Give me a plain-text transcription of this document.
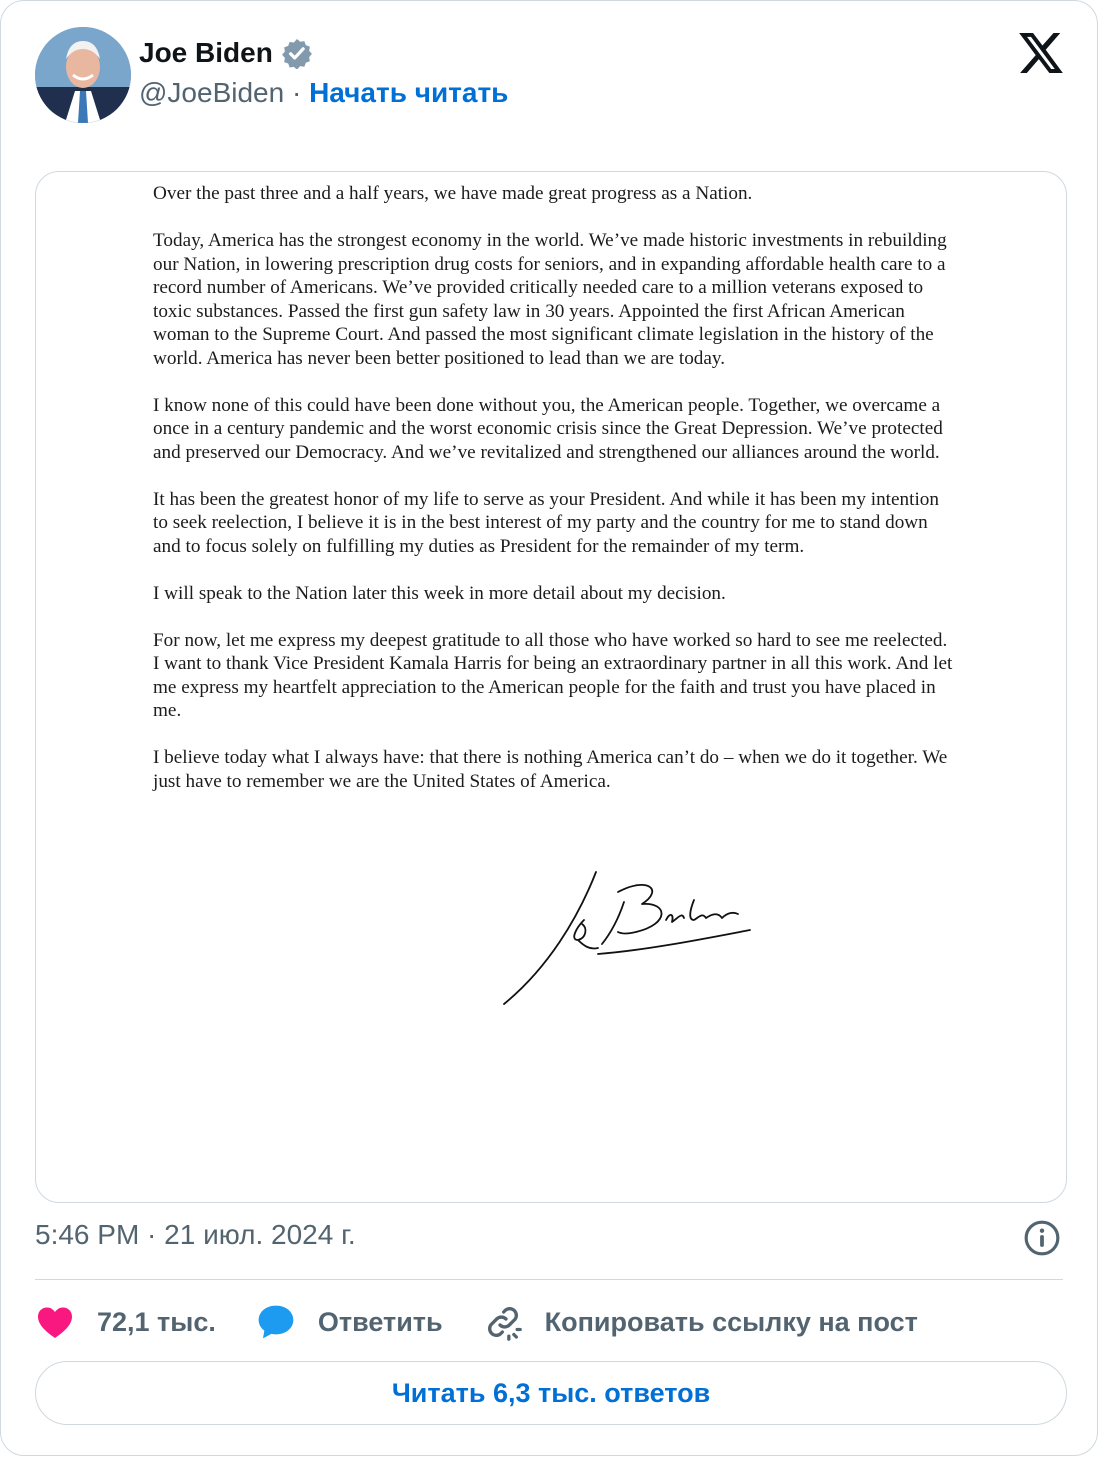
Joe Biden
@JoeBiden · Начать читать

Over the past three and a half years, we have made great progress as a Nation.

Today, America has the strongest economy in the world. We’ve made historic investments in rebuilding our Nation, in lowering prescription drug costs for seniors, and in expanding affordable health care to a record number of Americans. We’ve provided critically needed care to a million veterans exposed to toxic substances. Passed the first gun safety law in 30 years. Appointed the first African American woman to the Supreme Court. And passed the most significant climate legislation in the history of the world. America has never been better positioned to lead than we are today.

I know none of this could have been done without you, the American people. Together, we overcame a once in a century pandemic and the worst economic crisis since the Great Depression. We’ve protected and preserved our Democracy. And we’ve revitalized and strengthened our alliances around the world.

It has been the greatest honor of my life to serve as your President. And while it has been my intention to seek reelection, I believe it is in the best interest of my party and the country for me to stand down and to focus solely on fulfilling my duties as President for the remainder of my term.

I will speak to the Nation later this week in more detail about my decision.

For now, let me express my deepest gratitude to all those who have worked so hard to see me reelected. I want to thank Vice President Kamala Harris for being an extraordinary partner in all this work. And let me express my heartfelt appreciation to the American people for the faith and trust you have placed in me.

I believe today what I always have: that there is nothing America can’t do – when we do it together. We just have to remember we are the United States of America.

5:46 PM · 21 июл. 2024 г.
72,1 тыс.	Ответить	Копировать ссылку на пост
Читать 6,3 тыс. ответов
